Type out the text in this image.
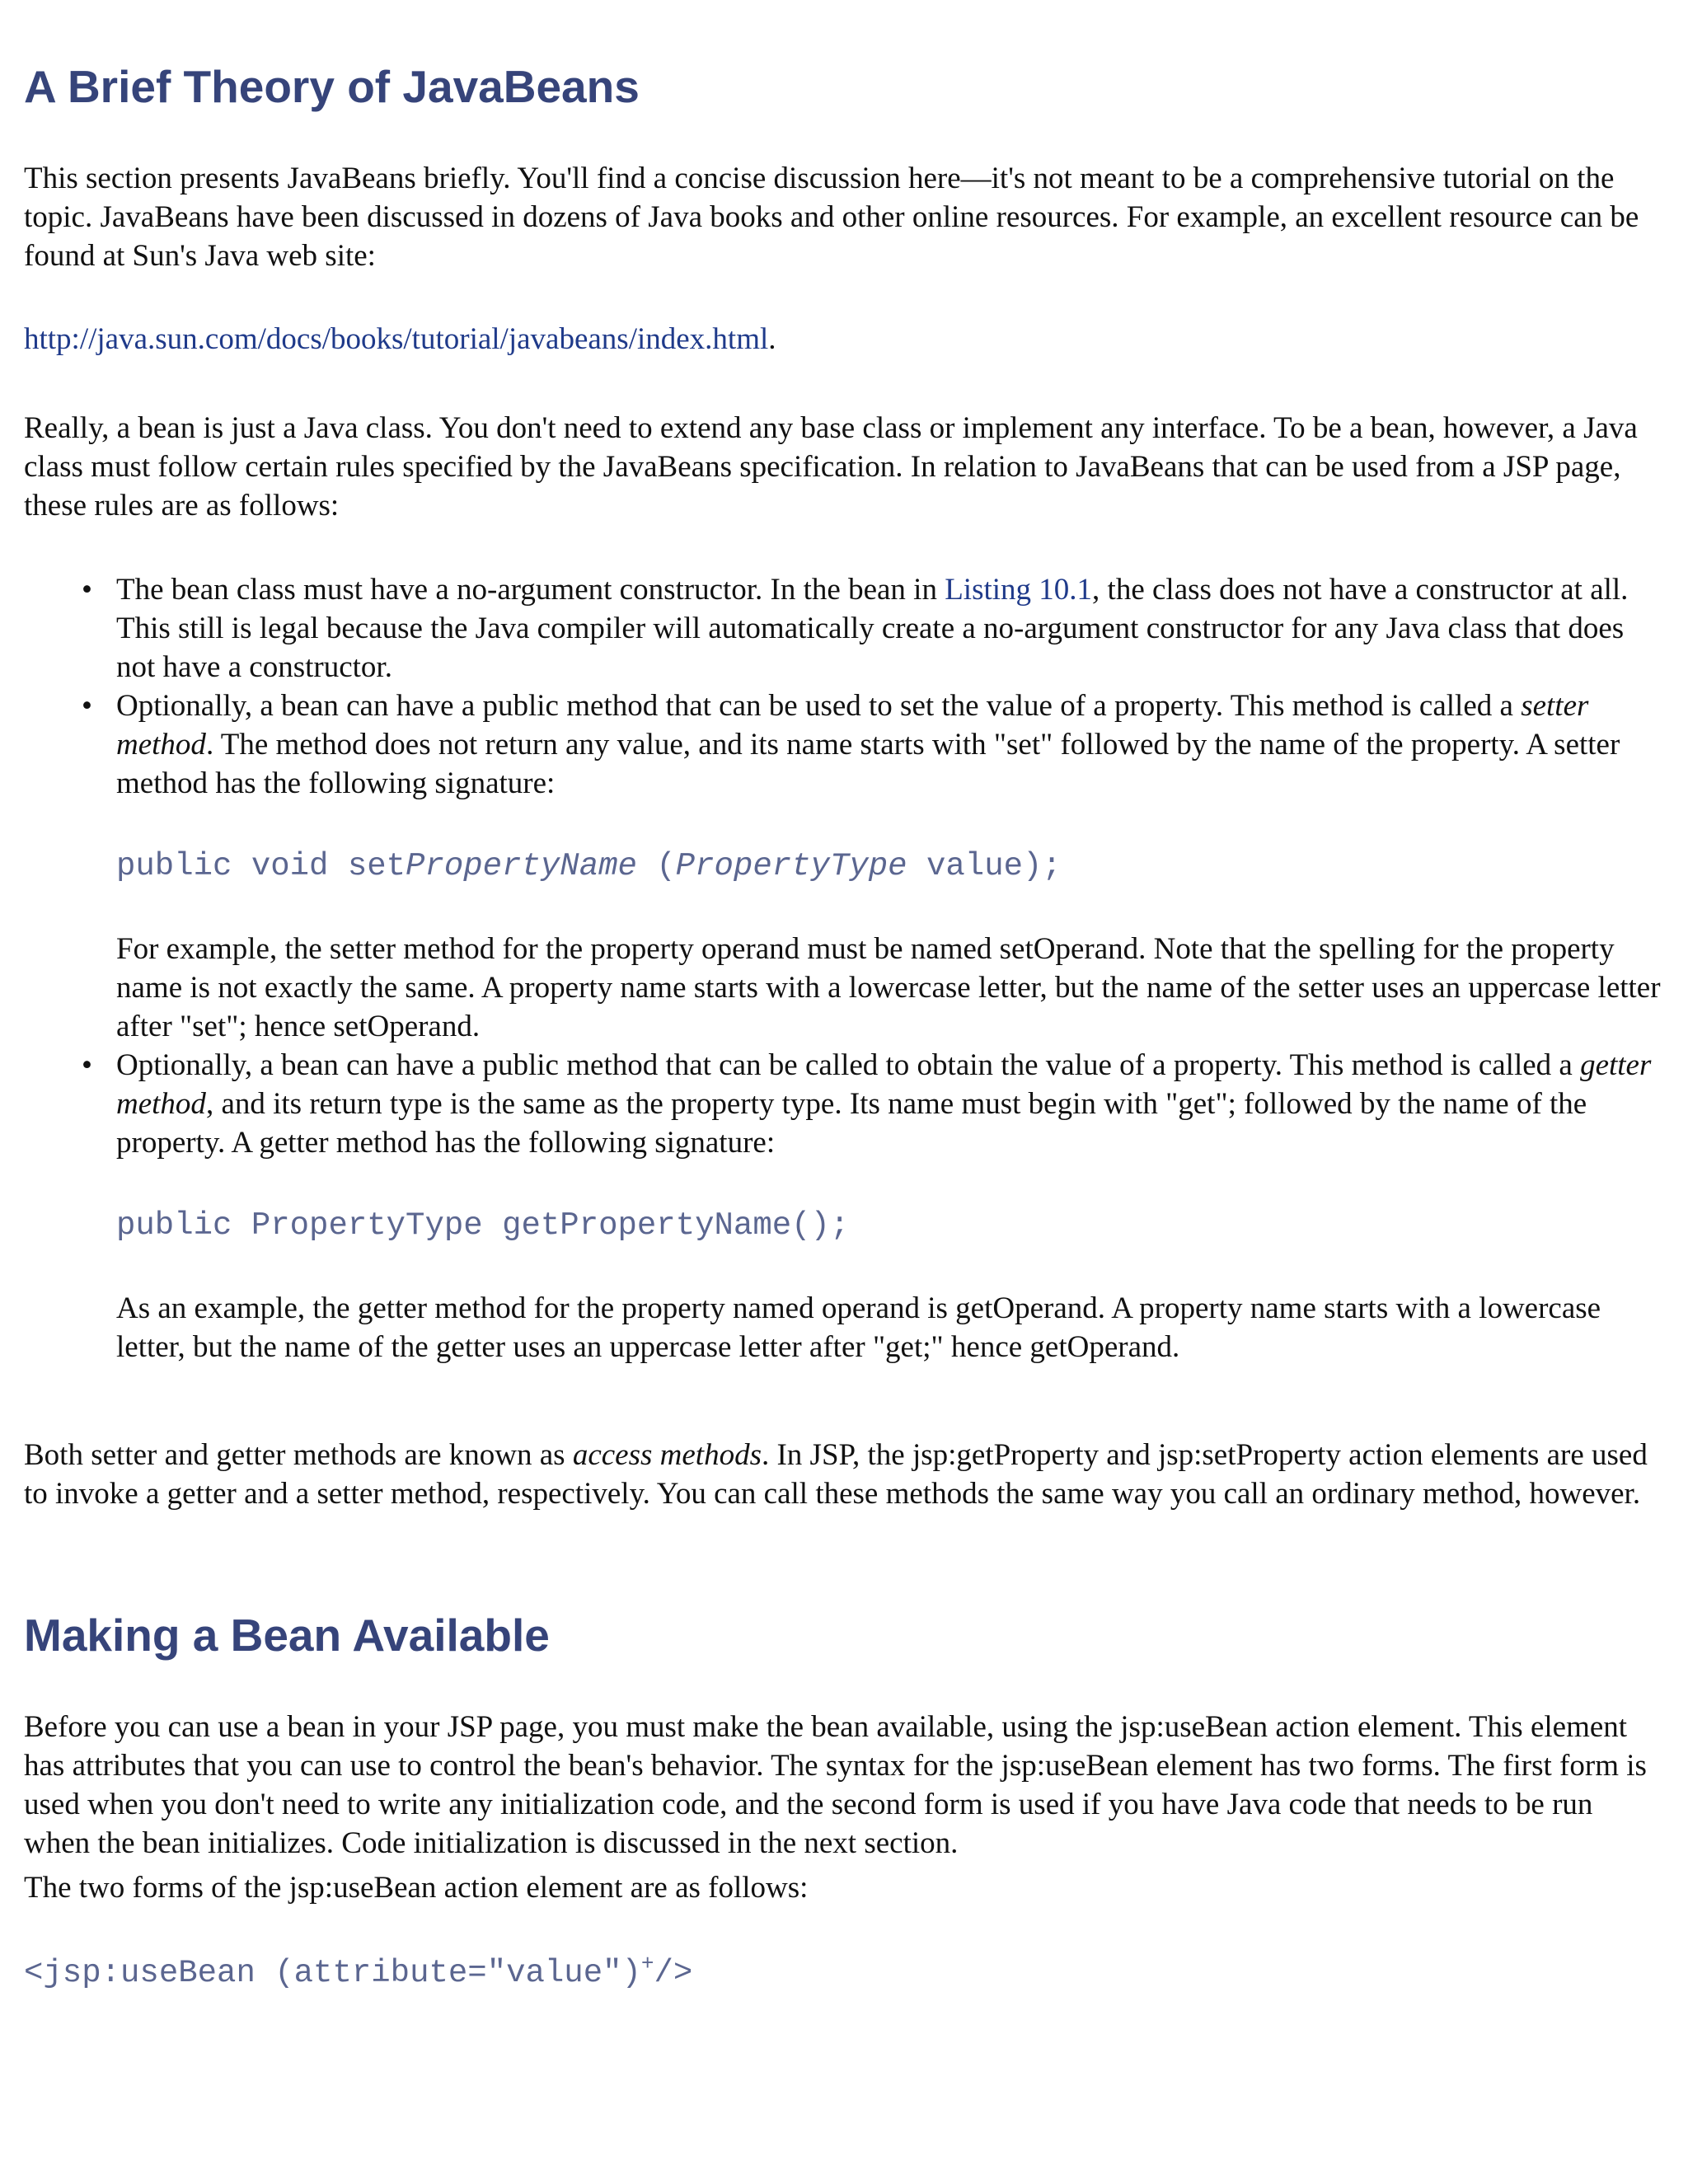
A Brief Theory of JavaBeans

This section presents JavaBeans briefly. You'll find a concise discussion here—it's not meant to be a comprehensive tutorial on the topic. JavaBeans have been discussed in dozens of Java books and other online resources. For example, an excellent resource can be found at Sun's Java web site:

http://java.sun.com/docs/books/tutorial/javabeans/index.html.

Really, a bean is just a Java class. You don't need to extend any base class or implement any interface. To be a bean, however, a Java class must follow certain rules specified by the JavaBeans specification. In relation to JavaBeans that can be used from a JSP page, these rules are as follows:

• The bean class must have a no-argument constructor. In the bean in Listing 10.1, the class does not have a constructor at all. This still is legal because the Java compiler will automatically create a no-argument constructor for any Java class that does not have a constructor.
• Optionally, a bean can have a public method that can be used to set the value of a property. This method is called a setter method. The method does not return any value, and its name starts with "set" followed by the name of the property. A setter method has the following signature:
public void setPropertyName (PropertyType value);
For example, the setter method for the property operand must be named setOperand. Note that the spelling for the property name is not exactly the same. A property name starts with a lowercase letter, but the name of the setter uses an uppercase letter after "set"; hence setOperand.
• Optionally, a bean can have a public method that can be called to obtain the value of a property. This method is called a getter method, and its return type is the same as the property type. Its name must begin with "get"; followed by the name of the property. A getter method has the following signature:
public PropertyType getPropertyName();
As an example, the getter method for the property named operand is getOperand. A property name starts with a lowercase letter, but the name of the getter uses an uppercase letter after "get;" hence getOperand.

Both setter and getter methods are known as access methods. In JSP, the jsp:getProperty and jsp:setProperty action elements are used to invoke a getter and a setter method, respectively. You can call these methods the same way you call an ordinary method, however.

Making a Bean Available

Before you can use a bean in your JSP page, you must make the bean available, using the jsp:useBean action element. This element has attributes that you can use to control the bean's behavior. The syntax for the jsp:useBean element has two forms. The first form is used when you don't need to write any initialization code, and the second form is used if you have Java code that needs to be run when the bean initializes. Code initialization is discussed in the next section.

The two forms of the jsp:useBean action element are as follows:

<jsp:useBean (attribute="value")+/>
